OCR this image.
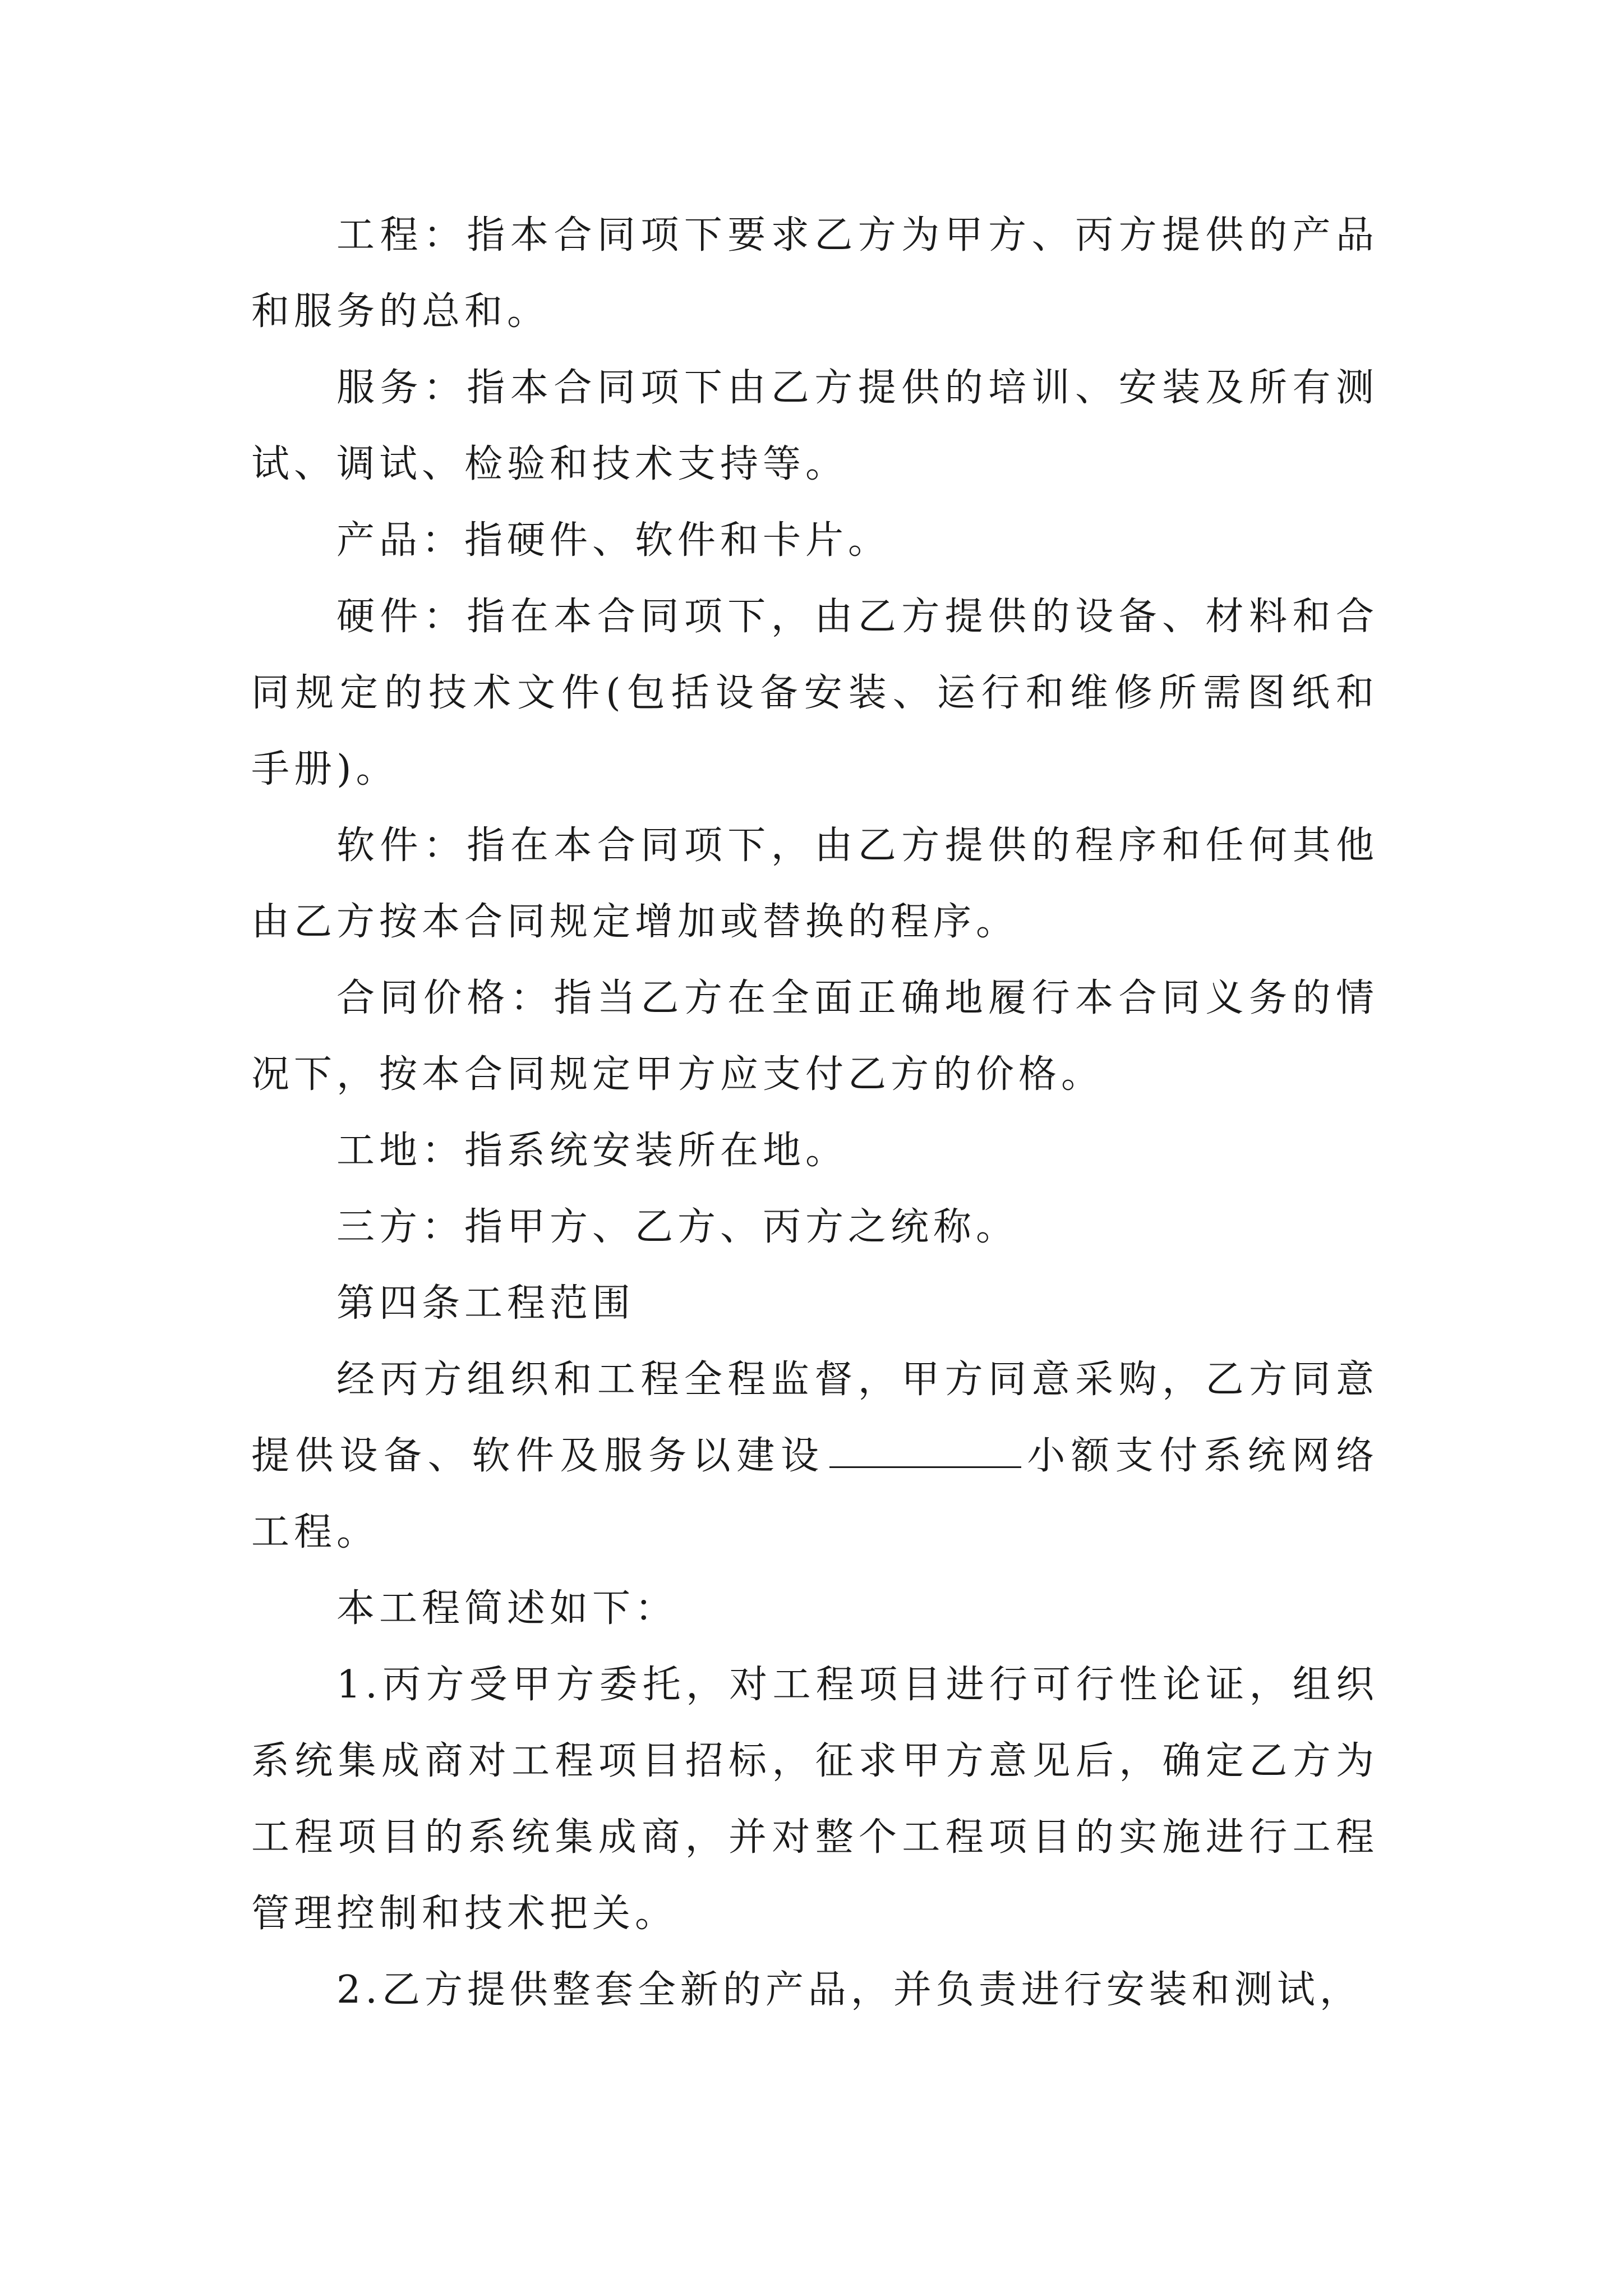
工程：指本合同项下要求乙方为甲方、丙方提供的产品和服务的总和。

服务：指本合同项下由乙方提供的培训、安装及所有测试、调试、检验和技术支持等。

产品：指硬件、软件和卡片。

硬件：指在本合同项下，由乙方提供的设备、材料和合同规定的技术文件(包括设备安装、运行和维修所需图纸和手册)。

软件：指在本合同项下，由乙方提供的程序和任何其他由乙方按本合同规定增加或替换的程序。

合同价格：指当乙方在全面正确地履行本合同义务的情况下，按本合同规定甲方应支付乙方的价格。

工地：指系统安装所在地。

三方：指甲方、乙方、丙方之统称。

第四条工程范围

经丙方组织和工程全程监督，甲方同意采购，乙方同意提供设备、软件及服务以建设	小额支付系统网络工程。

本工程简述如下：

1.丙方受甲方委托，对工程项目进行可行性论证，组织系统集成商对工程项目招标，征求甲方意见后，确定乙方为工程项目的系统集成商，并对整个工程项目的实施进行工程管理控制和技术把关。

2.乙方提供整套全新的产品，并负责进行安装和测试，
